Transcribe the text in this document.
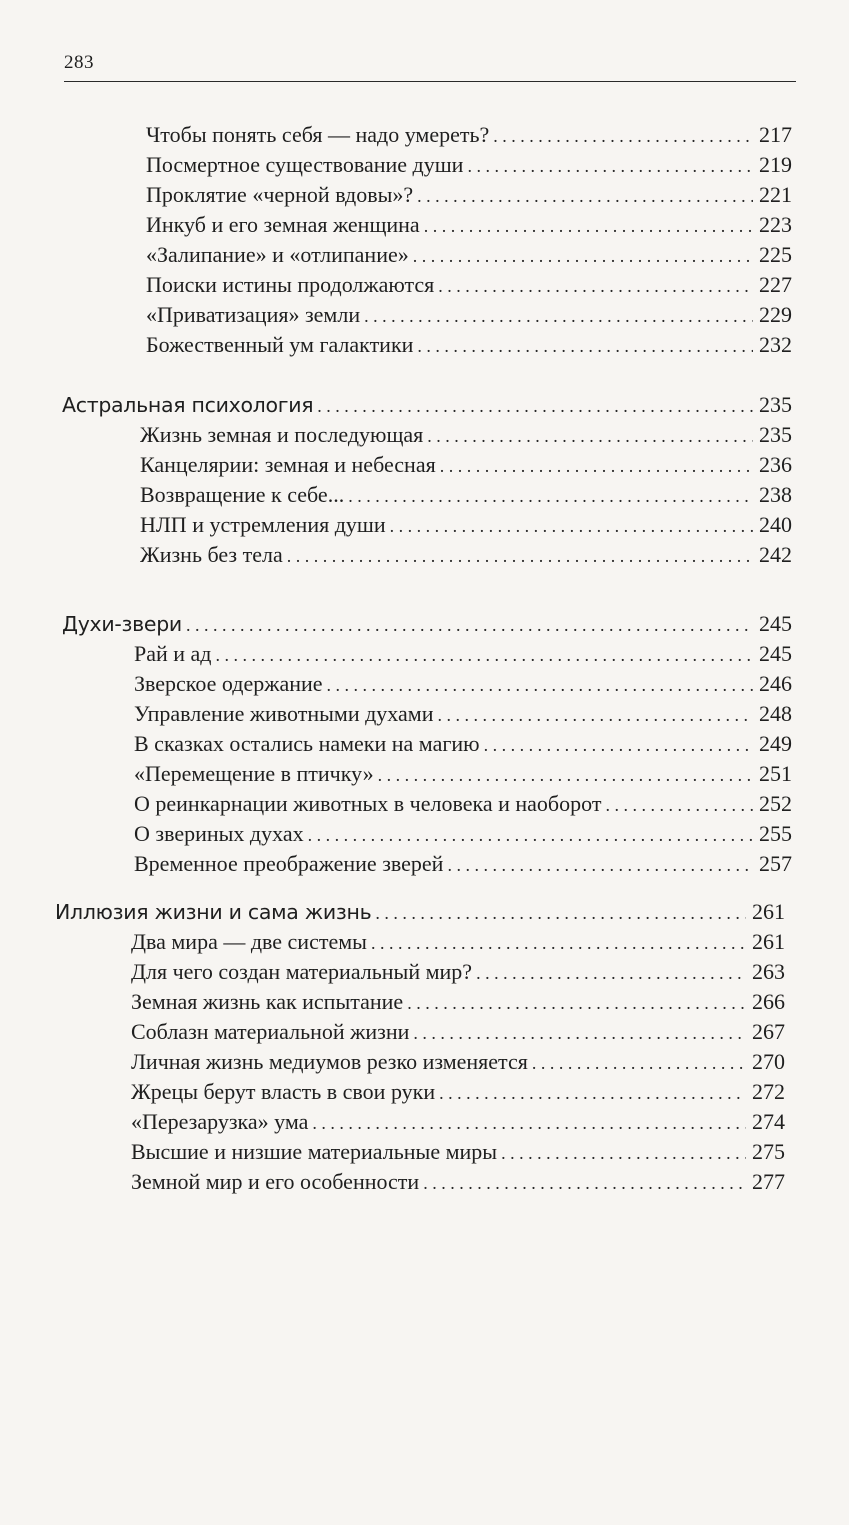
283
Чтобы понять себя — надо умереть? . . .	217
Посмертное существование души . . .	219
Проклятие «черной вдовы»? . . .	221
Инкуб и его земная женщина . . .	223
«Залипание» и «отлипание» . . .	225
Поиски истины продолжаются . . .	227
«Приватизация» земли . . .	229
Божественный ум галактики . . .	232
Астральная психология . . .	235
Жизнь земная и последующая . . .	235
Канцелярии: земная и небесная . . .	236
Возвращение к себе... . . .	238
НЛП и устремления души . . .	240
Жизнь без тела . . .	242
Духи-звери . . .	245
Рай и ад . . .	245
Зверское одержание . . .	246
Управление животными духами . . .	248
В сказках остались намеки на магию . . .	249
«Перемещение в птичку» . . .	251
О реинкарнации животных в человека и наоборот . . .	252
О звериных духах . . .	255
Временное преображение зверей . . .	257
Иллюзия жизни и сама жизнь . . .	261
Два мира — две системы . . .	261
Для чего создан материальный мир? . . .	263
Земная жизнь как испытание . . .	266
Соблазн материальной жизни . . .	267
Личная жизнь медиумов резко изменяется . . .	270
Жрецы берут власть в свои руки . . .	272
«Перезарузка» ума . . .	274
Высшие и низшие материальные миры . . .	275
Земной мир и его особенности . . .	277
